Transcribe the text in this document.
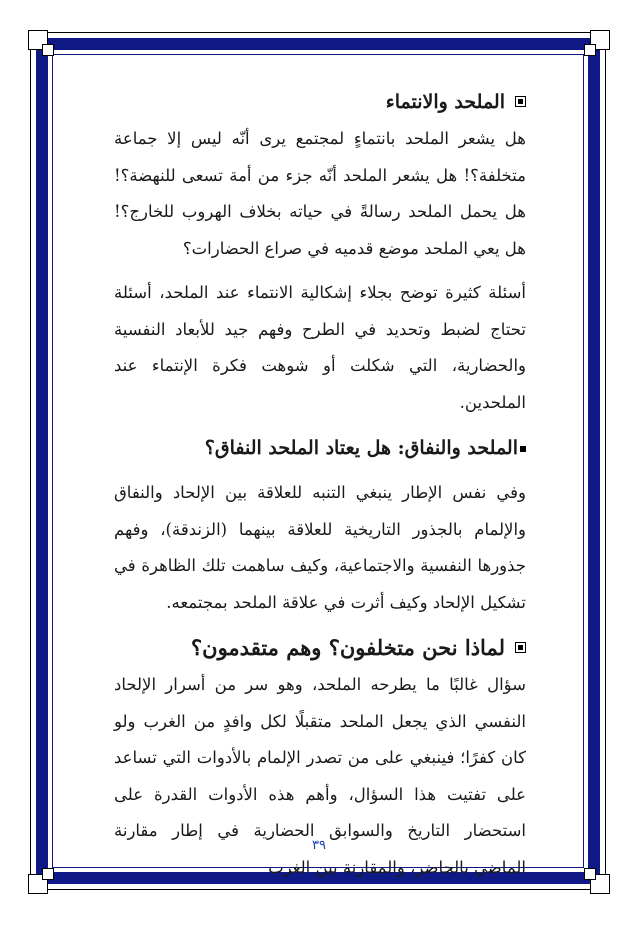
الملحد والانتماء

هل يشعر الملحد بانتماءٍ لمجتمع يرى أنّه ليس إلا جماعة متخلفة؟! هل يشعر الملحد أنّه جزء من أمة تسعى للنهضة؟! هل يحمل الملحد رسالةً في حياته بخلاف الهروب للخارج؟! هل يعي الملحد موضع قدميه في صراع الحضارات؟

أسئلة كثيرة توضح بجلاء إشكالية الانتماء عند الملحد، أسئلة تحتاج لضبط وتحديد في الطرح وفهم جيد للأبعاد النفسية والحضارية، التي شكلت أو شوهت فكرة الإنتماء عند الملحدين.

الملحد والنفاق: هل يعتاد الملحد النفاق؟

وفي نفس الإطار ينبغي التنبه للعلاقة بين الإلحاد والنفاق والإلمام بالجذور التاريخية للعلاقة بينهما (الزندقة)، وفهم جذورها النفسية والاجتماعية، وكيف ساهمت تلك الظاهرة في تشكيل الإلحاد وكيف أثرت في علاقة الملحد بمجتمعه.

لماذا نحن متخلفون؟ وهم متقدمون؟

سؤال غالبًا ما يطرحه الملحد، وهو سر من أسرار الإلحاد النفسي الذي يجعل الملحد متقبلًا لكل وافدٍ من الغرب ولو كان كفرًا؛ فينبغي على من تصدر الإلمام بالأدوات التي تساعد على تفتيت هذا السؤال، وأهم هذه الأدوات القدرة على استحضار التاريخ والسوابق الحضارية في إطار مقارنة الماضي بالحاضر، والمقارنة بين الغرب

٣٩
